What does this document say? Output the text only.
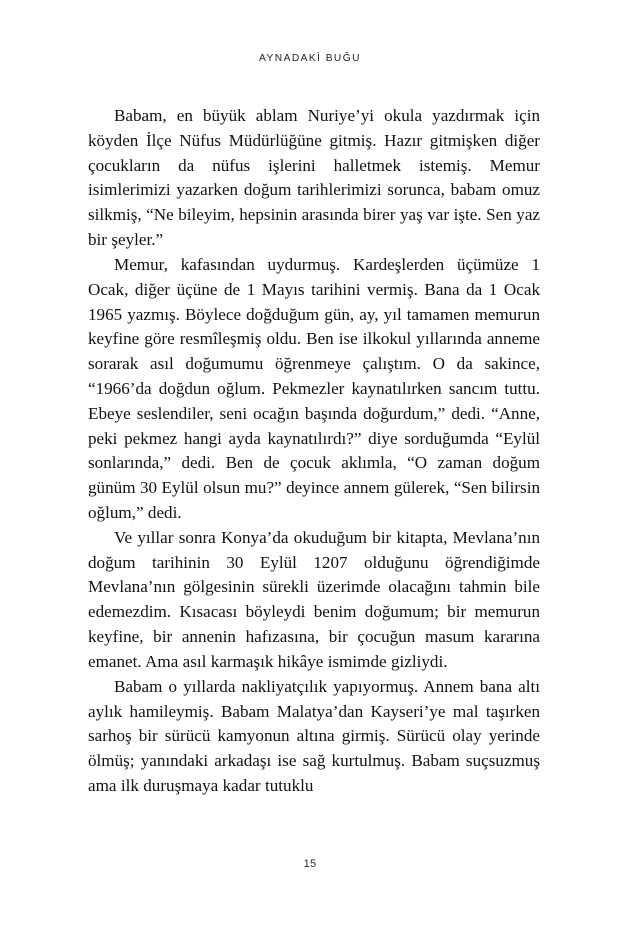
AYNADAKİ BUĞU

Babam, en büyük ablam Nuriye’yi okula yazdırmak için köyden İlçe Nüfus Müdürlüğüne gitmiş. Hazır gitmişken diğer çocukların da nüfus işlerini halletmek istemiş. Memur isimlerimizi yazarken doğum tarihlerimizi sorunca, babam omuz silkmiş, “Ne bileyim, hepsinin arasında birer yaş var işte. Sen yaz bir şeyler.”

Memur, kafasından uydurmuş. Kardeşlerden üçümüze 1 Ocak, diğer üçüne de 1 Mayıs tarihini vermiş. Bana da 1 Ocak 1965 yazmış. Böylece doğduğum gün, ay, yıl tamamen memurun keyfine göre resmîleşmiş oldu. Ben ise ilkokul yıllarında anneme sorarak asıl doğumumu öğrenmeye çalıştım. O da sakince, “1966’da doğdun oğlum. Pekmezler kaynatılırken sancım tuttu. Ebeye seslendiler, seni ocağın başında doğurdum,” dedi. “Anne, peki pekmez hangi ayda kaynatılırdı?” diye sorduğumda “Eylül sonlarında,” dedi. Ben de çocuk aklımla, “O zaman doğum günüm 30 Eylül olsun mu?” deyince annem gülerek, “Sen bilirsin oğlum,” dedi.

Ve yıllar sonra Konya’da okuduğum bir kitapta, Mevlana’nın doğum tarihinin 30 Eylül 1207 olduğunu öğrendiğimde Mevlana’nın gölgesinin sürekli üzerimde olacağını tahmin bile edemezdim. Kısacası böyleydi benim doğumum; bir memurun keyfine, bir annenin hafızasına, bir çocuğun masum kararına emanet. Ama asıl karmaşık hikâye ismimde gizliydi.

Babam o yıllarda nakliyatçılık yapıyormuş. Annem bana altı aylık hamileymiş. Babam Malatya’dan Kayseri’ye mal taşırken sarhoş bir sürücü kamyonun altına girmiş. Sürücü olay yerinde ölmüş; yanındaki arkadaşı ise sağ kurtulmuş. Babam suçsuzmuş ama ilk duruşmaya kadar tutuklu

15
